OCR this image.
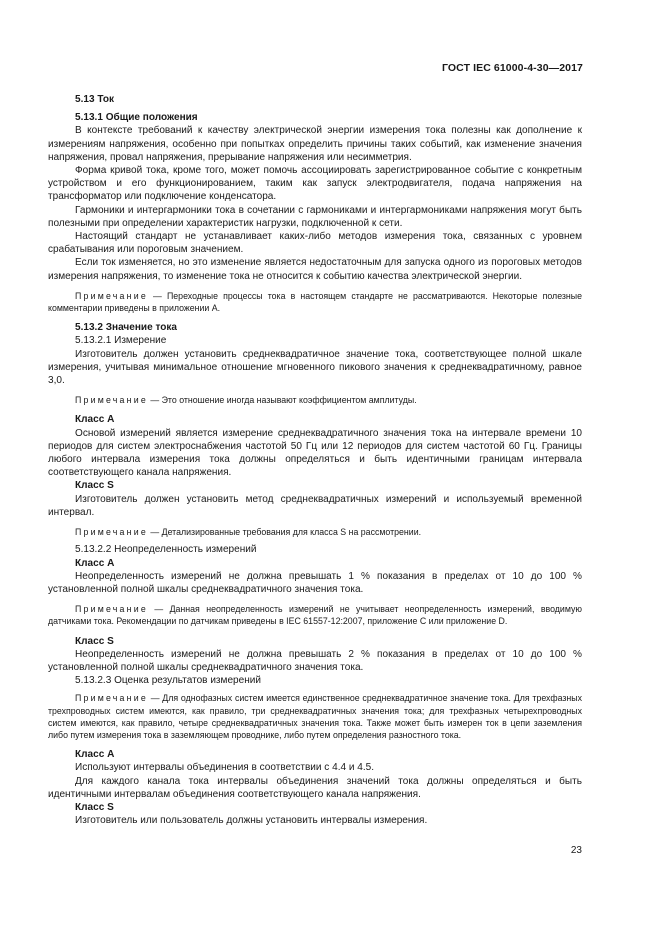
ГОСТ IEC 61000-4-30—2017

5.13 Ток

5.13.1 Общие положения

В контексте требований к качеству электрической энергии измерения тока полезны как дополнение к измерениям напряжения, особенно при попытках определить причины таких событий, как изменение значения напряжения, провал напряжения, прерывание напряжения или несимметрия.

Форма кривой тока, кроме того, может помочь ассоциировать зарегистрированное событие с конкретным устройством и его функционированием, таким как запуск электродвигателя, подача напряжения на трансформатор или подключение конденсатора.

Гармоники и интергармоники тока в сочетании с гармониками и интергармониками напряжения могут быть полезными при определении характеристик нагрузки, подключенной к сети.

Настоящий стандарт не устанавливает каких-либо методов измерения тока, связанных с уровнем срабатывания или пороговым значением.

Если ток изменяется, но это изменение является недостаточным для запуска одного из пороговых методов измерения напряжения, то изменение тока не относится к событию качества электрической энергии.

Примечание — Переходные процессы тока в настоящем стандарте не рассматриваются. Некоторые полезные комментарии приведены в приложении А.

5.13.2 Значение тока

5.13.2.1 Измерение

Изготовитель должен установить среднеквадратичное значение тока, соответствующее полной шкале измерения, учитывая минимальное отношение мгновенного пикового значения к среднеквадратичному, равное 3,0.

Примечание — Это отношение иногда называют коэффициентом амплитуды.

Класс А

Основой измерений является измерение среднеквадратичного значения тока на интервале времени 10 периодов для систем электроснабжения частотой 50 Гц или 12 периодов для систем частотой 60 Гц. Границы любого интервала измерения тока должны определяться и быть идентичными границам интервала соответствующего канала напряжения.

Класс S

Изготовитель должен установить метод среднеквадратичных измерений и используемый временной интервал.

Примечание — Детализированные требования для класса S на рассмотрении.

5.13.2.2 Неопределенность измерений

Класс А

Неопределенность измерений не должна превышать 1 % показания в пределах от 10 до 100 % установленной полной шкалы среднеквадратичного значения тока.

Примечание — Данная неопределенность измерений не учитывает неопределенность измерений, вводимую датчиками тока. Рекомендации по датчикам приведены в IEC 61557-12:2007, приложение С или приложение D.

Класс S

Неопределенность измерений не должна превышать 2 % показания в пределах от 10 до 100 % установленной полной шкалы среднеквадратичного значения тока.

5.13.2.3 Оценка результатов измерений

Примечание — Для однофазных систем имеется единственное среднеквадратичное значение тока. Для трехфазных трехпроводных систем имеются, как правило, три среднеквадратичных значения тока; для трехфазных четырехпроводных систем имеются, как правило, четыре среднеквадратичных значения тока. Также может быть измерен ток в цепи заземления либо путем измерения тока в заземляющем проводнике, либо путем определения разностного тока.

Класс А

Используют интервалы объединения в соответствии с 4.4 и 4.5.

Для каждого канала тока интервалы объединения значений тока должны определяться и быть идентичными интервалам объединения соответствующего канала напряжения.

Класс S

Изготовитель или пользователь должны установить интервалы измерения.

23
